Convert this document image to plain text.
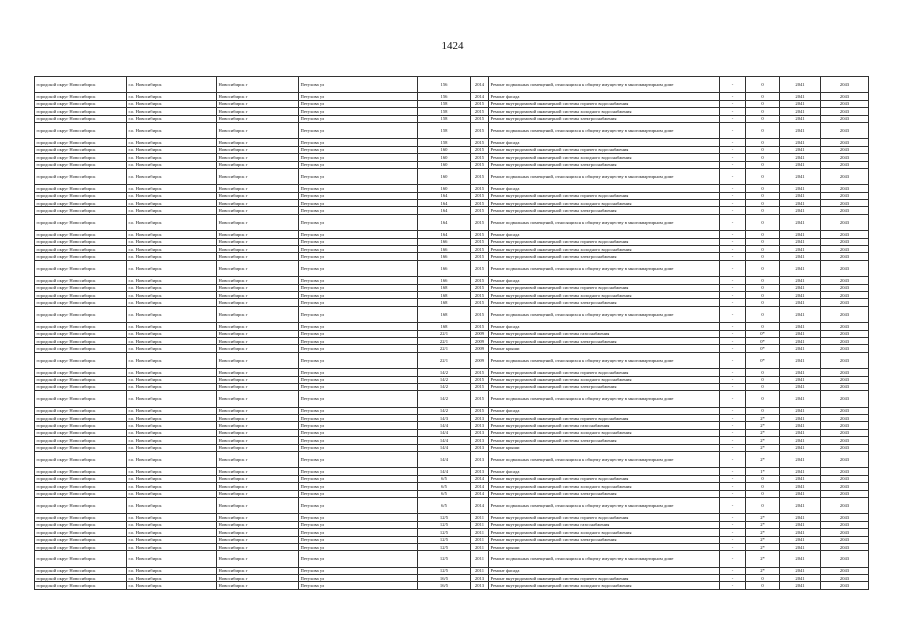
1424
городской округ Новосибирск	г.о. Новосибирск	Новосибирск г	Петухова ул	156	2014	Ремонт подвальных помещений, относящихся к общему имуществу в многоквартирном доме	-	0	2041	2043
городской округ Новосибирск	г.о. Новосибирск	Новосибирск г	Петухова ул	156	2014	Ремонт фасада	-	0	2041	2043
городской округ Новосибирск	г.о. Новосибирск	Новосибирск г	Петухова ул	158	2015	Ремонт внутридомовой инженерной системы горячего водоснабжения	-	0	2041	2043
городской округ Новосибирск	г.о. Новосибирск	Новосибирск г	Петухова ул	158	2015	Ремонт внутридомовой инженерной системы холодного водоснабжения	-	0	2041	2043
городской округ Новосибирск	г.о. Новосибирск	Новосибирск г	Петухова ул	158	2015	Ремонт внутридомовой инженерной системы электроснабжения	-	0	2041	2043
городской округ Новосибирск	г.о. Новосибирск	Новосибирск г	Петухова ул	158	2015	Ремонт подвальных помещений, относящихся к общему имуществу в многоквартирном доме	-	0	2041	2043
городской округ Новосибирск	г.о. Новосибирск	Новосибирск г	Петухова ул	158	2015	Ремонт фасада	-	0	2041	2043
городской округ Новосибирск	г.о. Новосибирск	Новосибирск г	Петухова ул	160	2015	Ремонт внутридомовой инженерной системы горячего водоснабжения	-	0	2041	2043
городской округ Новосибирск	г.о. Новосибирск	Новосибирск г	Петухова ул	160	2015	Ремонт внутридомовой инженерной системы холодного водоснабжения	-	0	2041	2043
городской округ Новосибирск	г.о. Новосибирск	Новосибирск г	Петухова ул	160	2015	Ремонт внутридомовой инженерной системы электроснабжения	-	0	2041	2043
городской округ Новосибирск	г.о. Новосибирск	Новосибирск г	Петухова ул	160	2015	Ремонт подвальных помещений, относящихся к общему имуществу в многоквартирном доме	-	0	2041	2043
городской округ Новосибирск	г.о. Новосибирск	Новосибирск г	Петухова ул	160	2015	Ремонт фасада	-	0	2041	2043
городской округ Новосибирск	г.о. Новосибирск	Новосибирск г	Петухова ул	164	2015	Ремонт внутридомовой инженерной системы горячего водоснабжения	-	0	2041	2043
городской округ Новосибирск	г.о. Новосибирск	Новосибирск г	Петухова ул	164	2015	Ремонт внутридомовой инженерной системы холодного водоснабжения	-	0	2041	2043
городской округ Новосибирск	г.о. Новосибирск	Новосибирск г	Петухова ул	164	2015	Ремонт внутридомовой инженерной системы электроснабжения	-	0	2041	2043
городской округ Новосибирск	г.о. Новосибирск	Новосибирск г	Петухова ул	164	2015	Ремонт подвальных помещений, относящихся к общему имуществу в многоквартирном доме	-	0	2041	2043
городской округ Новосибирск	г.о. Новосибирск	Новосибирск г	Петухова ул	164	2015	Ремонт фасада	-	0	2041	2043
городской округ Новосибирск	г.о. Новосибирск	Новосибирск г	Петухова ул	166	2015	Ремонт внутридомовой инженерной системы горячего водоснабжения	-	0	2041	2043
городской округ Новосибирск	г.о. Новосибирск	Новосибирск г	Петухова ул	166	2015	Ремонт внутридомовой инженерной системы холодного водоснабжения	-	0	2041	2043
городской округ Новосибирск	г.о. Новосибирск	Новосибирск г	Петухова ул	166	2015	Ремонт внутридомовой инженерной системы электроснабжения	-	0	2041	2043
городской округ Новосибирск	г.о. Новосибирск	Новосибирск г	Петухова ул	166	2015	Ремонт подвальных помещений, относящихся к общему имуществу в многоквартирном доме	-	0	2041	2043
городской округ Новосибирск	г.о. Новосибирск	Новосибирск г	Петухова ул	166	2015	Ремонт фасада	-	0	2041	2043
городской округ Новосибирск	г.о. Новосибирск	Новосибирск г	Петухова ул	168	2015	Ремонт внутридомовой инженерной системы горячего водоснабжения	-	0	2041	2043
городской округ Новосибирск	г.о. Новосибирск	Новосибирск г	Петухова ул	168	2015	Ремонт внутридомовой инженерной системы холодного водоснабжения	-	0	2041	2043
городской округ Новосибирск	г.о. Новосибирск	Новосибирск г	Петухова ул	168	2015	Ремонт внутридомовой инженерной системы электроснабжения	-	0	2041	2043
городской округ Новосибирск	г.о. Новосибирск	Новосибирск г	Петухова ул	168	2015	Ремонт подвальных помещений, относящихся к общему имуществу в многоквартирном доме	-	0	2041	2043
городской округ Новосибирск	г.о. Новосибирск	Новосибирск г	Петухова ул	168	2015	Ремонт фасада	-	0	2041	2043
городской округ Новосибирск	г.о. Новосибирск	Новосибирск г	Петухова ул	22/1	2009	Ремонт внутридомовой инженерной системы газоснабжения	-	0*	2041	2043
городской округ Новосибирск	г.о. Новосибирск	Новосибирск г	Петухова ул	22/1	2009	Ремонт внутридомовой инженерной системы электроснабжения	-	0*	2041	2043
городской округ Новосибирск	г.о. Новосибирск	Новосибирск г	Петухова ул	22/1	2009	Ремонт крыши	-	0*	2041	2043
городской округ Новосибирск	г.о. Новосибирск	Новосибирск г	Петухова ул	22/1	2009	Ремонт подвальных помещений, относящихся к общему имуществу в многоквартирном доме	-	0*	2041	2043
городской округ Новосибирск	г.о. Новосибирск	Новосибирск г	Петухова ул	14/2	2015	Ремонт внутридомовой инженерной системы горячего водоснабжения	-	0	2041	2043
городской округ Новосибирск	г.о. Новосибирск	Новосибирск г	Петухова ул	14/2	2015	Ремонт внутридомовой инженерной системы холодного водоснабжения	-	0	2041	2043
городской округ Новосибирск	г.о. Новосибирск	Новосибирск г	Петухова ул	14/2	2015	Ремонт внутридомовой инженерной системы электроснабжения	-	0	2041	2043
городской округ Новосибирск	г.о. Новосибирск	Новосибирск г	Петухова ул	14/2	2015	Ремонт подвальных помещений, относящихся к общему имуществу в многоквартирном доме	-	0	2041	2043
городской округ Новосибирск	г.о. Новосибирск	Новосибирск г	Петухова ул	14/2	2015	Ремонт фасада	-	0	2041	2043
городской округ Новосибирск	г.о. Новосибирск	Новосибирск г	Петухова ул	14/3	2013	Ремонт внутридомовой инженерной системы горячего водоснабжения	-	2*	2041	2043
городской округ Новосибирск	г.о. Новосибирск	Новосибирск г	Петухова ул	14/4	2013	Ремонт внутридомовой инженерной системы газоснабжения	-	2*	2041	2043
городской округ Новосибирск	г.о. Новосибирск	Новосибирск г	Петухова ул	14/4	2013	Ремонт внутридомовой инженерной системы холодного водоснабжения	-	2*	2041	2043
городской округ Новосибирск	г.о. Новосибирск	Новосибирск г	Петухова ул	14/4	2013	Ремонт внутридомовой инженерной системы электроснабжения	-	2*	2041	2043
городской округ Новосибирск	г.о. Новосибирск	Новосибирск г	Петухова ул	14/4	2013	Ремонт крыши	-	2*	2041	2043
городской округ Новосибирск	г.о. Новосибирск	Новосибирск г	Петухова ул	14/4	2013	Ремонт подвальных помещений, относящихся к общему имуществу в многоквартирном доме	-	2*	2041	2043
городской округ Новосибирск	г.о. Новосибирск	Новосибирск г	Петухова ул	14/4	2013	Ремонт фасада	-	1*	2041	2043
городской округ Новосибирск	г.о. Новосибирск	Новосибирск г	Петухова ул	6/5	2014	Ремонт внутридомовой инженерной системы горячего водоснабжения	-	0	2041	2043
городской округ Новосибирск	г.о. Новосибирск	Новосибирск г	Петухова ул	6/5	2014	Ремонт внутридомовой инженерной системы холодного водоснабжения	-	0	2041	2043
городской округ Новосибирск	г.о. Новосибирск	Новосибирск г	Петухова ул	6/5	2014	Ремонт внутридомовой инженерной системы электроснабжения	-	0	2041	2043
городской округ Новосибирск	г.о. Новосибирск	Новосибирск г	Петухова ул	6/5	2014	Ремонт подвальных помещений, относящихся к общему имуществу в многоквартирном доме	-	0	2041	2043
городской округ Новосибирск	г.о. Новосибирск	Новосибирск г	Петухова ул	12/5	2011	Ремонт внутридомовой инженерной системы горячего водоснабжения	-	2*	2041	2043
городской округ Новосибирск	г.о. Новосибирск	Новосибирск г	Петухова ул	12/5	2011	Ремонт внутридомовой инженерной системы газоснабжения	-	2*	2041	2043
городской округ Новосибирск	г.о. Новосибирск	Новосибирск г	Петухова ул	12/5	2011	Ремонт внутридомовой инженерной системы холодного водоснабжения	-	2*	2041	2043
городской округ Новосибирск	г.о. Новосибирск	Новосибирск г	Петухова ул	12/5	2011	Ремонт внутридомовой инженерной системы электроснабжения	-	2*	2041	2043
городской округ Новосибирск	г.о. Новосибирск	Новосибирск г	Петухова ул	12/5	2011	Ремонт крыши	-	2*	2041	2043
городской округ Новосибирск	г.о. Новосибирск	Новосибирск г	Петухова ул	12/5	2011	Ремонт подвальных помещений, относящихся к общему имуществу в многоквартирном доме	-	2*	2041	2043
городской округ Новосибирск	г.о. Новосибирск	Новосибирск г	Петухова ул	12/5	2011	Ремонт фасада	-	2*	2041	2043
городской округ Новосибирск	г.о. Новосибирск	Новосибирск г	Петухова ул	16/5	2013	Ремонт внутридомовой инженерной системы горячего водоснабжения	-	0	2041	2043
городской округ Новосибирск	г.о. Новосибирск	Новосибирск г	Петухова ул	16/5	2013	Ремонт внутридомовой инженерной системы холодного водоснабжения	-	0	2041	2043
